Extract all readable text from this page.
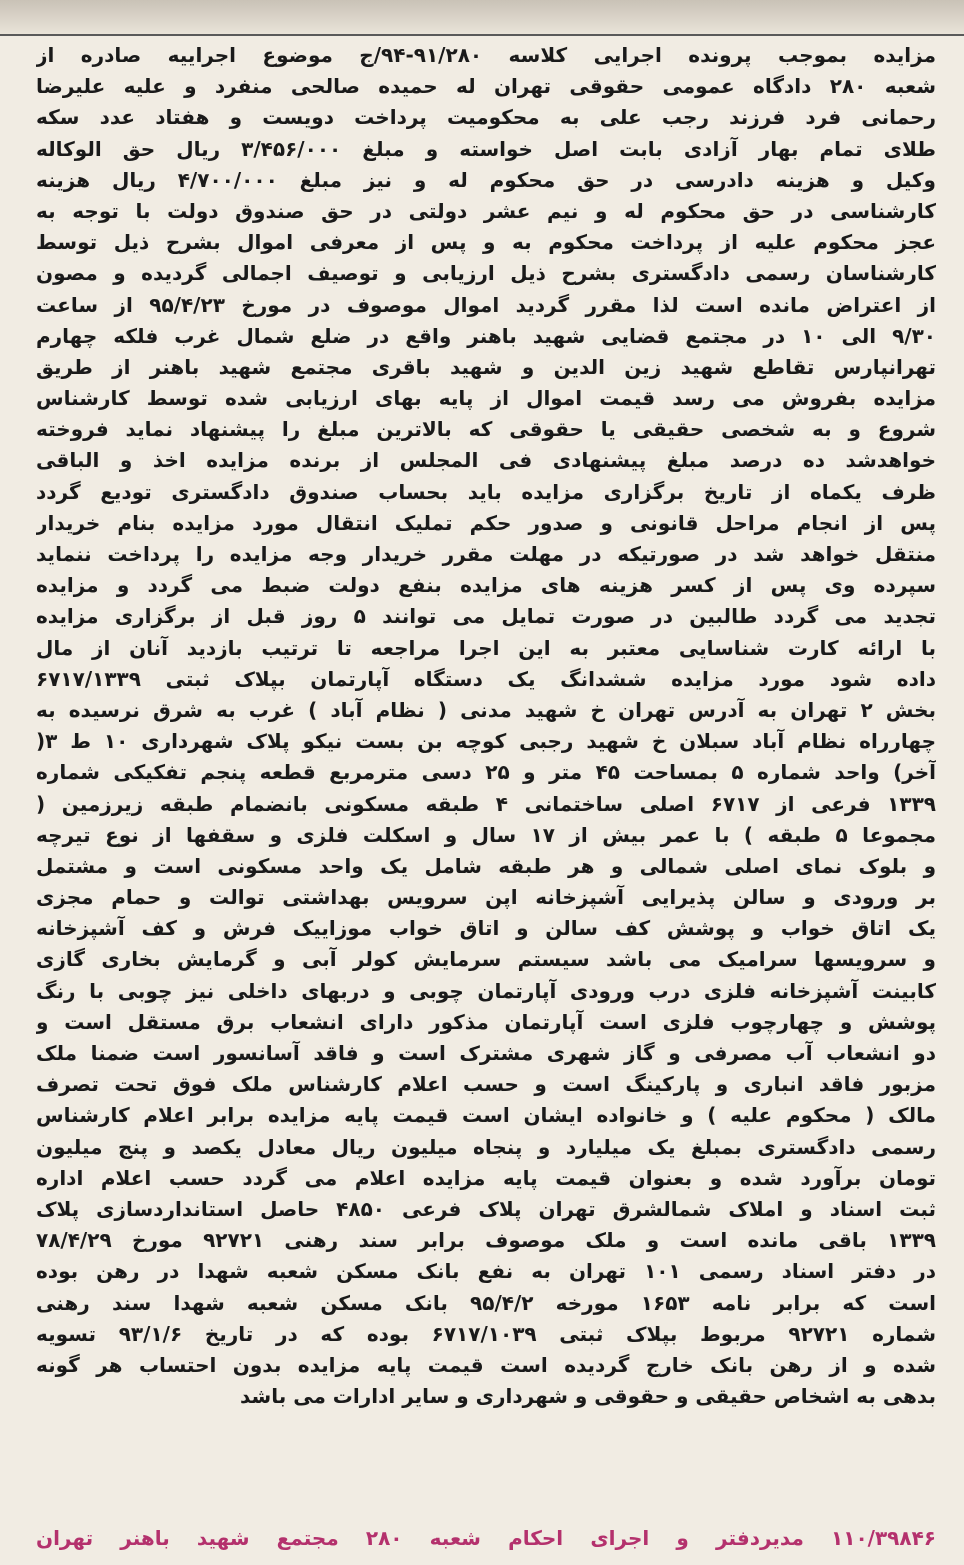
مزایده بموجب پرونده اجرایی کلاسه ۹۱/۲۸۰-۹۴/ج موضوع اجراییه صادره از
شعبه ۲۸۰ دادگاه عمومی حقوقی تهران له حمیده صالحی منفرد و علیه علیرضا
رحمانی فرد فرزند رجب علی به محکومیت پرداخت دویست و هفتاد عدد سکه
طلای تمام بهار آزادی بابت اصل خواسته و مبلغ ۳/۴۵۶/۰۰۰ ریال حق الوکاله
وکیل و هزینه دادرسی در حق محکوم له و نیز مبلغ ۴/۷۰۰/۰۰۰ ریال هزینه
کارشناسی در حق محکوم له و نیم عشر دولتی در حق صندوق دولت با توجه به
عجز محکوم علیه از پرداخت محکوم به و پس از معرفی اموال بشرح ذیل توسط
کارشناسان رسمی دادگستری بشرح ذیل ارزیابی و توصیف اجمالی گردیده و مصون
از اعتراض مانده است لذا مقرر گردید اموال موصوف در مورخ ۹۵/۴/۲۳ از ساعت
۹/۳۰ الی ۱۰ در مجتمع قضایی شهید باهنر واقع در ضلع شمال غرب فلکه چهارم
تهرانپارس تقاطع شهید زین الدین و شهید باقری مجتمع شهید باهنر از طریق
مزایده بفروش می رسد قیمت اموال از پایه بهای ارزیابی شده توسط کارشناس
شروع و به شخصی حقیقی یا حقوقی که بالاترین مبلغ را پیشنهاد نماید فروخته
خواهدشد ده درصد مبلغ پیشنهادی فی المجلس از برنده مزایده اخذ و الباقی
ظرف یکماه از تاریخ برگزاری مزایده باید بحساب صندوق دادگستری تودیع گردد
پس از انجام مراحل قانونی و صدور حکم تملیک انتقال مورد مزایده بنام خریدار
منتقل خواهد شد در صورتیکه در مهلت مقرر خریدار وجه مزایده را پرداخت ننماید
سپرده وی پس از کسر هزینه های مزایده بنفع دولت ضبط می گردد و مزایده
تجدید می گردد طالبین در صورت تمایل می توانند ۵ روز قبل از برگزاری مزایده
با ارائه کارت شناسایی معتبر به این اجرا مراجعه تا ترتیب بازدید آنان از مال
داده شود مورد مزایده ششدانگ یک دستگاه آپارتمان بپلاک ثبتی ۶۷۱۷/۱۳۳۹
بخش ۲ تهران به آدرس تهران خ شهید مدنی ( نظام آباد ) غرب به شرق نرسیده به
چهارراه نظام آباد سبلان خ شهید رجبی کوچه بن بست نیکو پلاک شهرداری ۱۰ ط ۳(
آخر) واحد شماره ۵ بمساحت ۴۵ متر و ۲۵ دسی مترمربع قطعه پنجم تفکیکی شماره
۱۳۳۹ فرعی از ۶۷۱۷ اصلی ساختمانی ۴ طبقه مسکونی بانضمام طبقه زیرزمین (
مجموعا ۵ طبقه ) با عمر بیش از ۱۷ سال و اسکلت فلزی و سقفها از نوع تیرچه
و بلوک نمای اصلی شمالی و هر طبقه شامل یک واحد مسکونی است و مشتمل
بر ورودی و سالن پذیرایی آشپزخانه اپن سرویس بهداشتی توالت و حمام مجزی
یک اتاق خواب و پوشش کف سالن و اتاق خواب موزاییک فرش و کف آشپزخانه
و سرویسها سرامیک می باشد سیستم سرمایش کولر آبی و گرمایش بخاری گازی
کابینت آشپزخانه فلزی درب ورودی آپارتمان چوبی و دربهای داخلی نیز چوبی با رنگ
پوشش و چهارچوب فلزی است آپارتمان مذکور دارای انشعاب برق مستقل است و
دو انشعاب آب مصرفی و گاز شهری مشترک است و فاقد آسانسور است ضمنا ملک
مزبور فاقد انباری و پارکینگ است و حسب اعلام کارشناس ملک فوق تحت تصرف
مالک ( محکوم علیه ) و خانواده ایشان است قیمت پایه مزایده برابر اعلام کارشناس
رسمی دادگستری بمبلغ یک میلیارد و پنجاه میلیون ریال معادل یکصد و پنج میلیون
تومان برآورد شده و بعنوان قیمت پایه مزایده اعلام می گردد حسب اعلام اداره
ثبت اسناد و املاک شمالشرق تهران پلاک فرعی ۴۸۵۰ حاصل استانداردسازی پلاک
۱۳۳۹ باقی مانده است و ملک موصوف برابر سند رهنی ۹۲۷۲۱ مورخ ۷۸/۴/۲۹
در دفتر اسناد رسمی ۱۰۱ تهران به نفع بانک مسکن شعبه شهدا در رهن بوده
است که برابر نامه ۱۶۵۳ مورخه ۹۵/۴/۲ بانک مسکن شعبه شهدا سند رهنی
شماره ۹۲۷۲۱ مربوط بپلاک ثبتی ۶۷۱۷/۱۰۳۹ بوده که در تاریخ ۹۳/۱/۶ تسویه
شده و از رهن بانک خارج گردیده است قیمت پایه مزایده بدون احتساب هر گونه
بدهی به اشخاص حقیقی و حقوقی و شهرداری و سایر ادارات می باشد
۱۱۰/۳۹۸۴۶ مدیردفتر و اجرای احکام شعبه ۲۸۰ مجتمع شهید باهنر تهران
